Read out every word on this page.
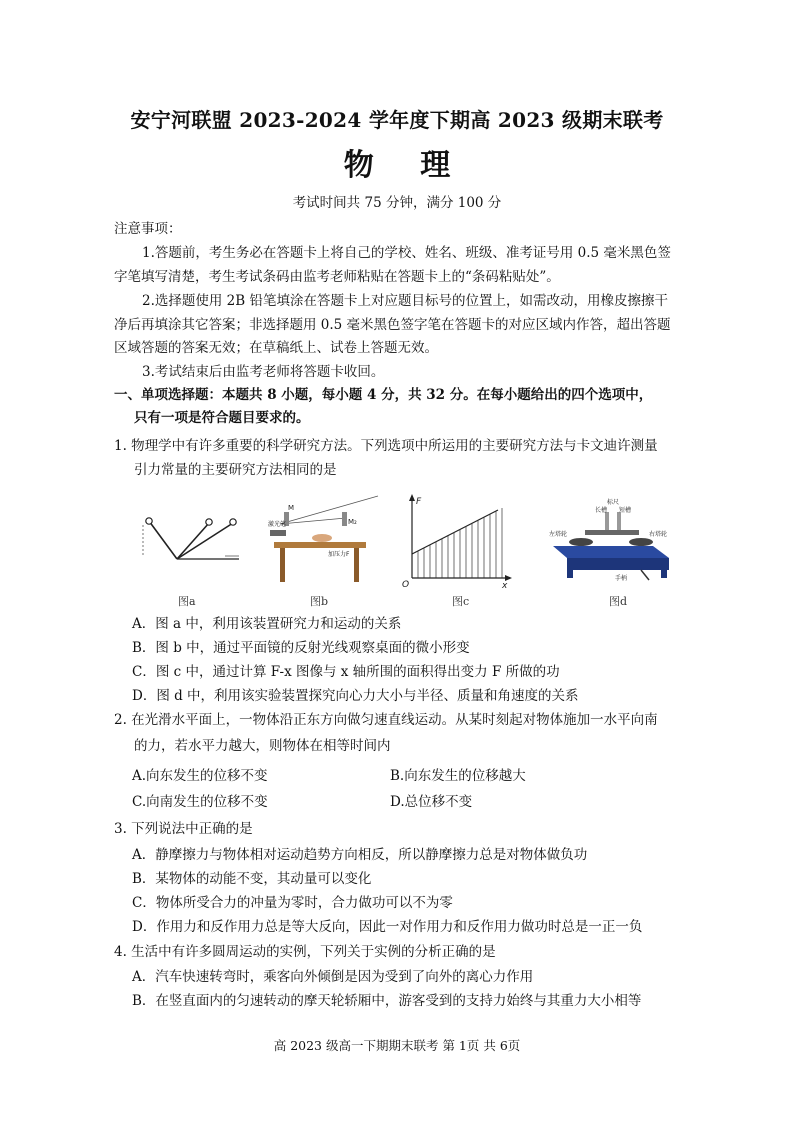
安宁河联盟 2023-2024 学年度下期高 2023 级期末联考
物 理
考试时间共 75 分钟，满分 100 分
注意事项：
1.答题前，考生务必在答题卡上将自己的学校、姓名、班级、准考证号用 0.5 毫米黑色签
字笔填写清楚，考生考试条码由监考老师粘贴在答题卡上的“条码粘贴处”。
2.选择题使用 2B 铅笔填涂在答题卡上对应题目标号的位置上，如需改动，用橡皮擦擦干
净后再填涂其它答案；非选择题用 0.5 毫米黑色签字笔在答题卡的对应区域内作答，超出答题
区域答题的答案无效；在草稿纸上、试卷上答题无效。
3.考试结束后由监考老师将答题卡收回。
一、单项选择题：本题共 8 小题，每小题 4 分，共 32 分。在每小题给出的四个选项中，
只有一项是符合题目要求的。
1. 物理学中有许多重要的科学研究方法。下列选项中所运用的主要研究方法与卡文迪许测量
引力常量的主要研究方法相同的是
图a
M
M₂
激光笔
加压力F
图b
F
O	x
图c
标尺
长槽 短槽
左塔轮	右塔轮
手柄
图d
A．图 a 中，利用该装置研究力和运动的关系
B．图 b 中，通过平面镜的反射光线观察桌面的微小形变
C．图 c 中，通过计算 F-x 图像与 x 轴所围的面积得出变力 F 所做的功
D．图 d 中，利用该实验装置探究向心力大小与半径、质量和角速度的关系
2. 在光滑水平面上，一物体沿正东方向做匀速直线运动。从某时刻起对物体施加一水平向南
的力，若水平力越大，则物体在相等时间内
A.向东发生的位移不变	B.向东发生的位移越大
C.向南发生的位移不变	D.总位移不变
3. 下列说法中正确的是
A．静摩擦力与物体相对运动趋势方向相反，所以静摩擦力总是对物体做负功
B．某物体的动能不变，其动量可以变化
C．物体所受合力的冲量为零时，合力做功可以不为零
D．作用力和反作用力总是等大反向，因此一对作用力和反作用力做功时总是一正一负
4. 生活中有许多圆周运动的实例，下列关于实例的分析正确的是
A．汽车快速转弯时，乘客向外倾倒是因为受到了向外的离心力作用
B．在竖直面内的匀速转动的摩天轮轿厢中，游客受到的支持力始终与其重力大小相等
高 2023 级高一下期期末联考 第 1页 共 6页
